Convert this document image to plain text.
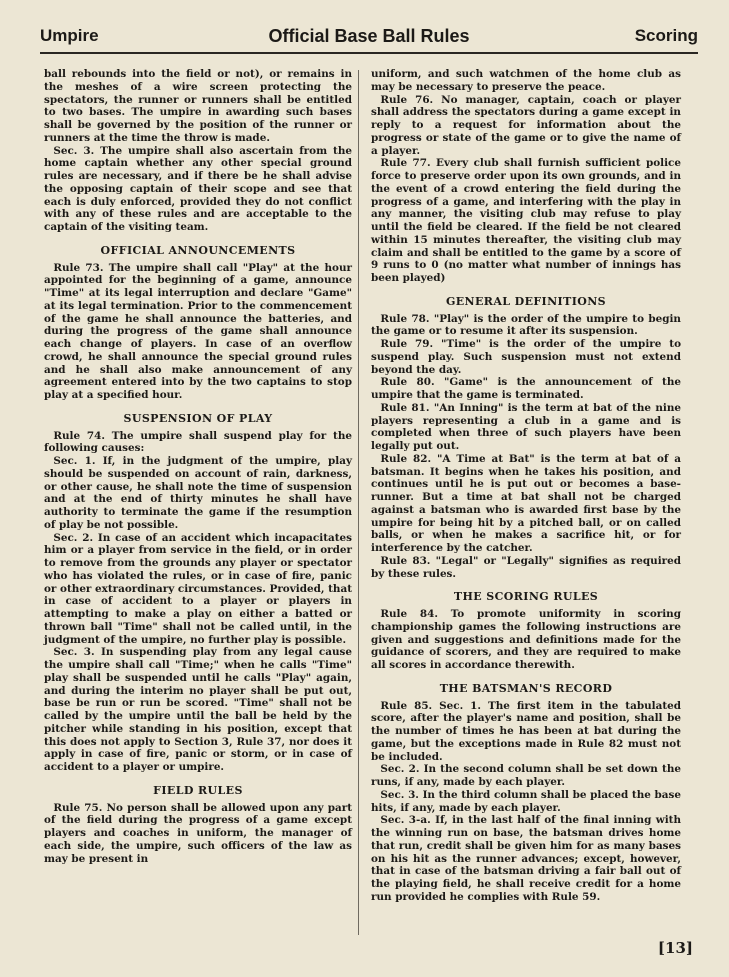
Umpire	Official Base Ball Rules	Scoring

ball rebounds into the field or not), or remains in the meshes of a wire screen protecting the spectators, the runner or runners shall be entitled to two bases. The umpire in awarding such bases shall be governed by the position of the runner or runners at the time the throw is made.

Sec. 3. The umpire shall also ascertain from the home captain whether any other special ground rules are necessary, and if there be he shall advise the opposing captain of their scope and see that each is duly enforced, provided they do not conflict with any of these rules and are acceptable to the captain of the visiting team.

OFFICIAL ANNOUNCEMENTS

Rule 73. The umpire shall call "Play" at the hour appointed for the beginning of a game, announce "Time" at its legal interruption and declare "Game" at its legal termination. Prior to the commencement of the game he shall announce the batteries, and during the progress of the game shall announce each change of players. In case of an overflow crowd, he shall announce the special ground rules and he shall also make announcement of any agreement entered into by the two captains to stop play at a specified hour.

SUSPENSION OF PLAY

Rule 74. The umpire shall suspend play for the following causes:

Sec. 1. If, in the judgment of the umpire, play should be suspended on account of rain, darkness, or other cause, he shall note the time of suspension and at the end of thirty minutes he shall have authority to terminate the game if the resumption of play be not possible.

Sec. 2. In case of an accident which incapacitates him or a player from service in the field, or in order to remove from the grounds any player or spectator who has violated the rules, or in case of fire, panic or other extraordinary circumstances. Provided, that in case of accident to a player or players in attempting to make a play on either a batted or thrown ball "Time" shall not be called until, in the judgment of the umpire, no further play is possible.

Sec. 3. In suspending play from any legal cause the umpire shall call "Time;" when he calls "Time" play shall be suspended until he calls "Play" again, and during the interim no player shall be put out, base be run or run be scored. "Time" shall not be called by the umpire until the ball be held by the pitcher while standing in his position, except that this does not apply to Section 3, Rule 37, nor does it apply in case of fire, panic or storm, or in case of accident to a player or umpire.

FIELD RULES

Rule 75. No person shall be allowed upon any part of the field during the progress of a game except players and coaches in uniform, the manager of each side, the umpire, such officers of the law as may be present in

uniform, and such watchmen of the home club as may be necessary to preserve the peace.

Rule 76. No manager, captain, coach or player shall address the spectators during a game except in reply to a request for information about the progress or state of the game or to give the name of a player.

Rule 77. Every club shall furnish sufficient police force to preserve order upon its own grounds, and in the event of a crowd entering the field during the progress of a game, and interfering with the play in any manner, the visiting club may refuse to play until the field be cleared. If the field be not cleared within 15 minutes thereafter, the visiting club may claim and shall be entitled to the game by a score of 9 runs to 0 (no matter what number of innings has been played)

GENERAL DEFINITIONS

Rule 78. "Play" is the order of the umpire to begin the game or to resume it after its suspension.

Rule 79. "Time" is the order of the umpire to suspend play. Such suspension must not extend beyond the day.

Rule 80. "Game" is the announcement of the umpire that the game is terminated.

Rule 81. "An Inning" is the term at bat of the nine players representing a club in a game and is completed when three of such players have been legally put out.

Rule 82. "A Time at Bat" is the term at bat of a batsman. It begins when he takes his position, and continues until he is put out or becomes a base-runner. But a time at bat shall not be charged against a batsman who is awarded first base by the umpire for being hit by a pitched ball, or on called balls, or when he makes a sacrifice hit, or for interference by the catcher.

Rule 83. "Legal" or "Legally" signifies as required by these rules.

THE SCORING RULES

Rule 84. To promote uniformity in scoring championship games the following instructions are given and suggestions and definitions made for the guidance of scorers, and they are required to make all scores in accordance therewith.

THE BATSMAN'S RECORD

Rule 85. Sec. 1. The first item in the tabulated score, after the player's name and position, shall be the number of times he has been at bat during the game, but the exceptions made in Rule 82 must not be included.

Sec. 2. In the second column shall be set down the runs, if any, made by each player.

Sec. 3. In the third column shall be placed the base hits, if any, made by each player.

Sec. 3-a. If, in the last half of the final inning with the winning run on base, the batsman drives home that run, credit shall be given him for as many bases on his hit as the runner advances; except, however, that in case of the batsman driving a fair ball out of the playing field, he shall receive credit for a home run provided he complies with Rule 59.

[13]
